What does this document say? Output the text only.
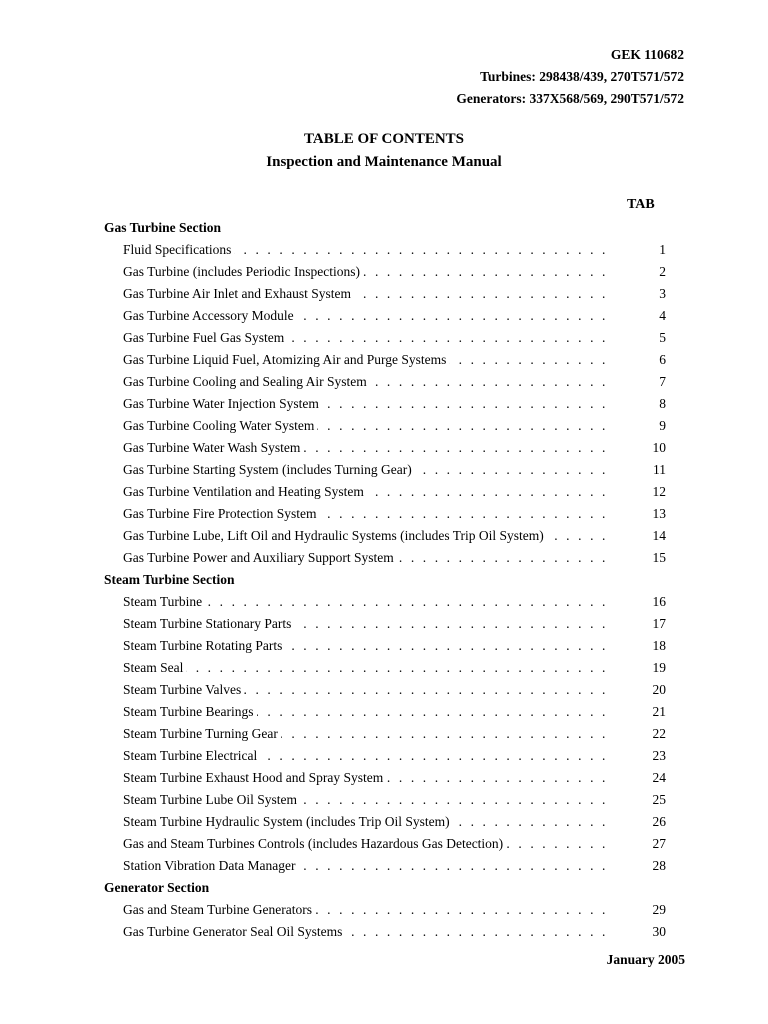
GEK 110682
Turbines: 298438/439, 270T571/572
Generators: 337X568/569, 290T571/572
TABLE OF CONTENTS
Inspection and Maintenance Manual
TAB
Gas Turbine Section
. . .
Fluid Specifications	1
. . .
Gas Turbine (includes Periodic Inspections)	2
. . .
Gas Turbine Air Inlet and Exhaust System	3
. . .
Gas Turbine Accessory Module	4
. . .
Gas Turbine Fuel Gas System	5
. . .
Gas Turbine Liquid Fuel, Atomizing Air and Purge Systems	6
. . .
Gas Turbine Cooling and Sealing Air System	7
. . .
Gas Turbine Water Injection System	8
. . .
Gas Turbine Cooling Water System	9
. . .
Gas Turbine Water Wash System	10
. . .
Gas Turbine Starting System (includes Turning Gear)	11
. . .
Gas Turbine Ventilation and Heating System	12
. . .
Gas Turbine Fire Protection System	13
. . .
Gas Turbine Lube, Lift Oil and Hydraulic Systems (includes Trip Oil System)	14
. . .
Gas Turbine Power and Auxiliary Support System	15
Steam Turbine Section
. . .
Steam Turbine	16
. . .
Steam Turbine Stationary Parts	17
. . .
Steam Turbine Rotating Parts	18
. . .
Steam Seal	19
. . .
Steam Turbine Valves	20
. . .
Steam Turbine Bearings	21
. . .
Steam Turbine Turning Gear	22
. . .
Steam Turbine Electrical	23
. . .
Steam Turbine Exhaust Hood and Spray System	24
. . .
Steam Turbine Lube Oil System	25
. . .
Steam Turbine Hydraulic System (includes Trip Oil System)	26
. . .
Gas and Steam Turbines Controls (includes Hazardous Gas Detection)	27
. . .
Station Vibration Data Manager	28
Generator Section
. . .
Gas and Steam Turbine Generators	29
. . .
Gas Turbine Generator Seal Oil Systems	30
January 2005
